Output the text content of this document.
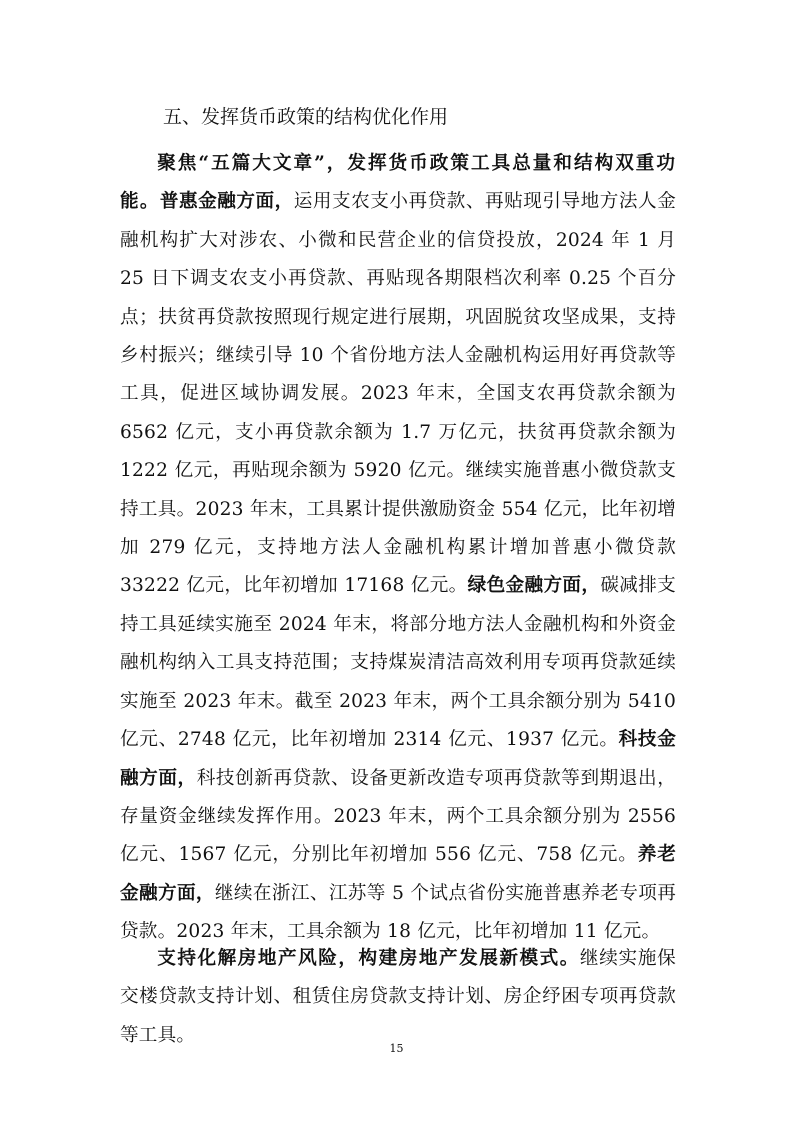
五、发挥货币政策的结构优化作用

聚焦“五篇大文章”，发挥货币政策工具总量和结构双重功能。普惠金融方面，运用支农支小再贷款、再贴现引导地方法人金融机构扩大对涉农、小微和民营企业的信贷投放，2024 年 1 月 25 日下调支农支小再贷款、再贴现各期限档次利率 0.25 个百分点；扶贫再贷款按照现行规定进行展期，巩固脱贫攻坚成果，支持乡村振兴；继续引导 10 个省份地方法人金融机构运用好再贷款等工具，促进区域协调发展。2023 年末，全国支农再贷款余额为 6562 亿元，支小再贷款余额为 1.7 万亿元，扶贫再贷款余额为 1222 亿元，再贴现余额为 5920 亿元。继续实施普惠小微贷款支持工具。2023 年末，工具累计提供激励资金 554 亿元，比年初增加 279 亿元，支持地方法人金融机构累计增加普惠小微贷款 33222 亿元，比年初增加 17168 亿元。绿色金融方面，碳减排支持工具延续实施至 2024 年末，将部分地方法人金融机构和外资金融机构纳入工具支持范围；支持煤炭清洁高效利用专项再贷款延续实施至 2023 年末。截至 2023 年末，两个工具余额分别为 5410 亿元、2748 亿元，比年初增加 2314 亿元、1937 亿元。科技金融方面，科技创新再贷款、设备更新改造专项再贷款等到期退出，存量资金继续发挥作用。2023 年末，两个工具余额分别为 2556 亿元、1567 亿元，分别比年初增加 556 亿元、758 亿元。养老金融方面，继续在浙江、江苏等 5 个试点省份实施普惠养老专项再贷款。2023 年末，工具余额为 18 亿元，比年初增加 11 亿元。

支持化解房地产风险，构建房地产发展新模式。继续实施保交楼贷款支持计划、租赁住房贷款支持计划、房企纾困专项再贷款等工具。

15
